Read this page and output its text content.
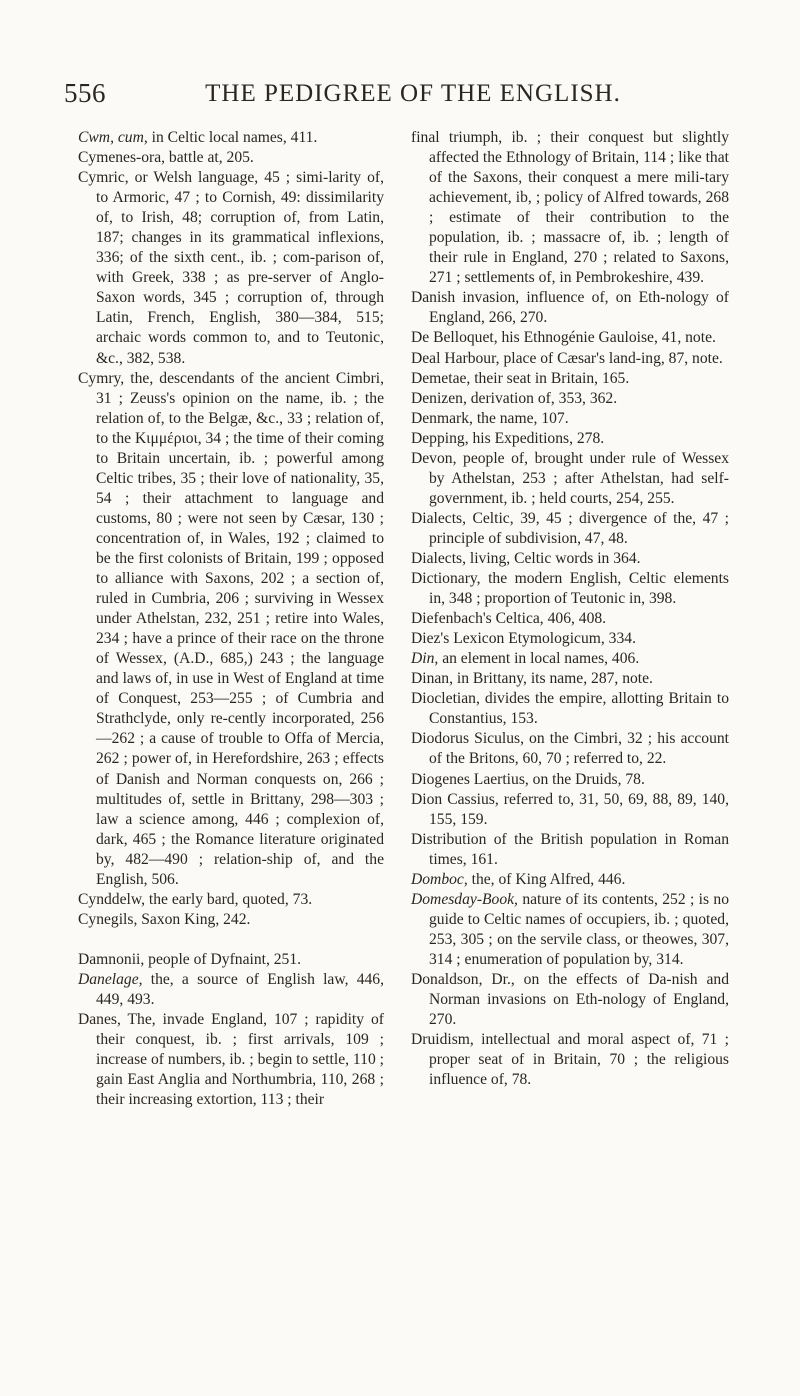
556	THE PEDIGREE OF THE ENGLISH.

Cwm, cum, in Celtic local names, 411.

Cymenes-ora, battle at, 205.

Cymric, or Welsh language, 45 ; simi-larity of, to Armoric, 47 ; to Cornish, 49: dissimilarity of, to Irish, 48; corruption of, from Latin, 187; changes in its grammatical inflexions, 336; of the sixth cent., ib. ; com-parison of, with Greek, 338 ; as pre-server of Anglo-Saxon words, 345 ; corruption of, through Latin, French, English, 380—384, 515; archaic words common to, and to Teutonic, &c., 382, 538.

Cymry, the, descendants of the ancient Cimbri, 31 ; Zeuss's opinion on the name, ib. ; the relation of, to the Belgæ, &c., 33 ; relation of, to the Κιμμέριοι, 34 ; the time of their coming to Britain uncertain, ib. ; powerful among Celtic tribes, 35 ; their love of nationality, 35, 54 ; their attachment to language and customs, 80 ; were not seen by Cæsar, 130 ; concentration of, in Wales, 192 ; claimed to be the first colonists of Britain, 199 ; opposed to alliance with Saxons, 202 ; a section of, ruled in Cumbria, 206 ; surviving in Wessex under Athelstan, 232, 251 ; retire into Wales, 234 ; have a prince of their race on the throne of Wessex, (A.D., 685,) 243 ; the language and laws of, in use in West of England at time of Conquest, 253—255 ; of Cumbria and Strathclyde, only re-cently incorporated, 256—262 ; a cause of trouble to Offa of Mercia, 262 ; power of, in Herefordshire, 263 ; effects of Danish and Norman conquests on, 266 ; multitudes of, settle in Brittany, 298—303 ; law a science among, 446 ; complexion of, dark, 465 ; the Romance literature originated by, 482—490 ; relation-ship of, and the English, 506.

Cynddelw, the early bard, quoted, 73.

Cynegils, Saxon King, 242.

Damnonii, people of Dyfnaint, 251.

Danelage, the, a source of English law, 446, 449, 493.

Danes, The, invade England, 107 ; rapidity of their conquest, ib. ; first arrivals, 109 ; increase of numbers, ib. ; begin to settle, 110 ; gain East Anglia and Northumbria, 110, 268 ; their increasing extortion, 113 ; their

final triumph, ib. ; their conquest but slightly affected the Ethnology of Britain, 114 ; like that of the Saxons, their conquest a mere mili-tary achievement, ib, ; policy of Alfred towards, 268 ; estimate of their contribution to the population, ib. ; massacre of, ib. ; length of their rule in England, 270 ; related to Saxons, 271 ; settlements of, in Pembrokeshire, 439.

Danish invasion, influence of, on Eth-nology of England, 266, 270.

De Belloquet, his Ethnogénie Gauloise, 41, note.

Deal Harbour, place of Cæsar's land-ing, 87, note.

Demetae, their seat in Britain, 165.

Denizen, derivation of, 353, 362.

Denmark, the name, 107.

Depping, his Expeditions, 278.

Devon, people of, brought under rule of Wessex by Athelstan, 253 ; after Athelstan, had self-government, ib. ; held courts, 254, 255.

Dialects, Celtic, 39, 45 ; divergence of the, 47 ; principle of subdivision, 47, 48.

Dialects, living, Celtic words in 364.

Dictionary, the modern English, Celtic elements in, 348 ; proportion of Teutonic in, 398.

Diefenbach's Celtica, 406, 408.

Diez's Lexicon Etymologicum, 334.

Din, an element in local names, 406.

Dinan, in Brittany, its name, 287, note.

Diocletian, divides the empire, allotting Britain to Constantius, 153.

Diodorus Siculus, on the Cimbri, 32 ; his account of the Britons, 60, 70 ; referred to, 22.

Diogenes Laertius, on the Druids, 78.

Dion Cassius, referred to, 31, 50, 69, 88, 89, 140, 155, 159.

Distribution of the British population in Roman times, 161.

Domboc, the, of King Alfred, 446.

Domesday-Book, nature of its contents, 252 ; is no guide to Celtic names of occupiers, ib. ; quoted, 253, 305 ; on the servile class, or theowes, 307, 314 ; enumeration of population by, 314.

Donaldson, Dr., on the effects of Da-nish and Norman invasions on Eth-nology of England, 270.

Druidism, intellectual and moral aspect of, 71 ; proper seat of in Britain, 70 ; the religious influence of, 78.
